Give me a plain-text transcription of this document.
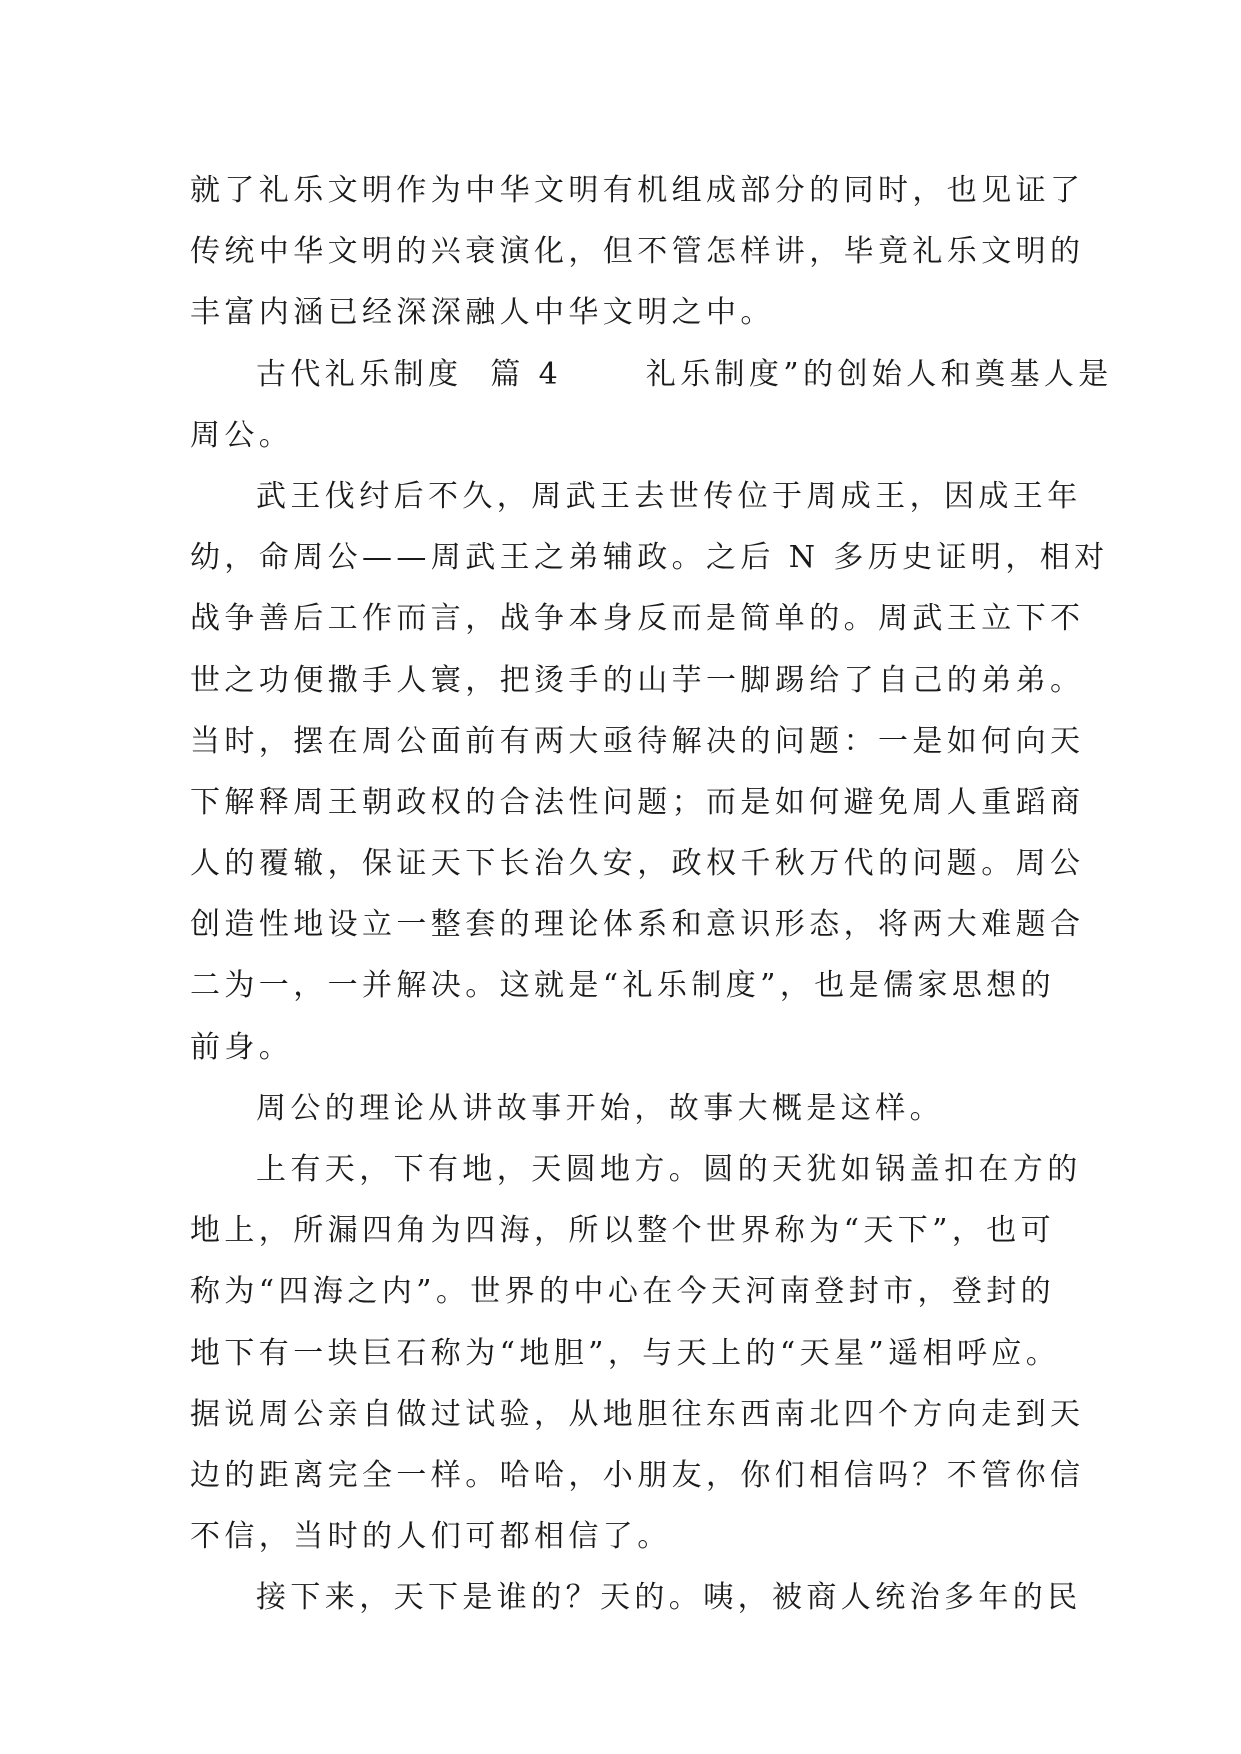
就了礼乐文明作为中华文明有机组成部分的同时，也见证了
传统中华文明的兴衰演化，但不管怎样讲，毕竟礼乐文明的
丰富内涵已经深深融人中华文明之中。
古代礼乐制度  篇 4      礼乐制度”的创始人和奠基人是
周公。
武王伐纣后不久，周武王去世传位于周成王，因成王年
幼，命周公——周武王之弟辅政。之后 N 多历史证明，相对
战争善后工作而言，战争本身反而是简单的。周武王立下不
世之功便撒手人寰，把烫手的山芋一脚踢给了自己的弟弟。
当时，摆在周公面前有两大亟待解决的问题：一是如何向天
下解释周王朝政权的合法性问题；而是如何避免周人重蹈商
人的覆辙，保证天下长治久安，政权千秋万代的问题。周公
创造性地设立一整套的理论体系和意识形态，将两大难题合
二为一，一并解决。这就是“礼乐制度”，也是儒家思想的
前身。
周公的理论从讲故事开始，故事大概是这样。
上有天，下有地，天圆地方。圆的天犹如锅盖扣在方的
地上，所漏四角为四海，所以整个世界称为“天下”，也可
称为“四海之内”。世界的中心在今天河南登封市，登封的
地下有一块巨石称为“地胆”，与天上的“天星”遥相呼应。
据说周公亲自做过试验，从地胆往东西南北四个方向走到天
边的距离完全一样。哈哈，小朋友，你们相信吗？不管你信
不信，当时的人们可都相信了。
接下来，天下是谁的？天的。咦，被商人统治多年的民
